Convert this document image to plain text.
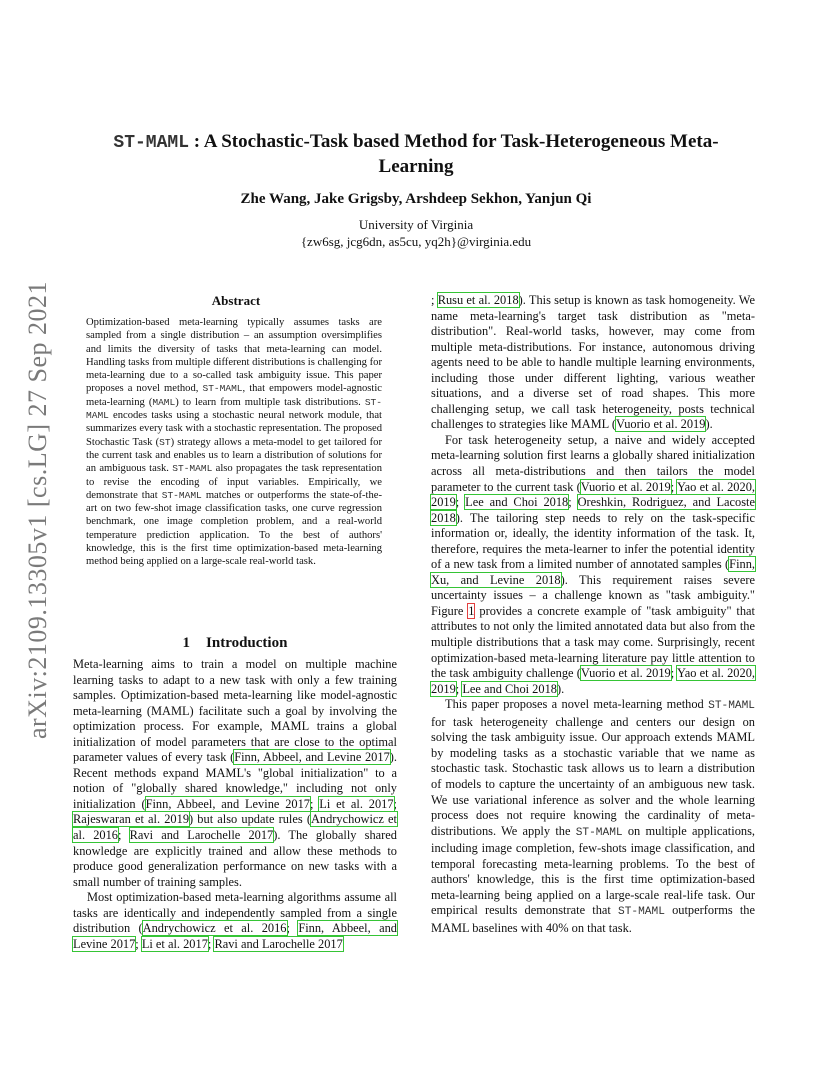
arXiv:2109.13305v1 [cs.LG] 27 Sep 2021
ST-MAML : A Stochastic-Task based Method for Task-Heterogeneous Meta-Learning
Zhe Wang, Jake Grigsby, Arshdeep Sekhon, Yanjun Qi
University of Virginia
{zw6sg, jcg6dn, as5cu, yq2h}@virginia.edu
Abstract
Optimization-based meta-learning typically assumes tasks are sampled from a single distribution – an assumption oversimplifies and limits the diversity of tasks that meta-learning can model. Handling tasks from multiple different distributions is challenging for meta-learning due to a so-called task ambiguity issue. This paper proposes a novel method, ST-MAML, that empowers model-agnostic meta-learning (MAML) to learn from multiple task distributions. ST-MAML encodes tasks using a stochastic neural network module, that summarizes every task with a stochastic representation. The proposed Stochastic Task (ST) strategy allows a meta-model to get tailored for the current task and enables us to learn a distribution of solutions for an ambiguous task. ST-MAML also propagates the task representation to revise the encoding of input variables. Empirically, we demonstrate that ST-MAML matches or outperforms the state-of-the-art on two few-shot image classification tasks, one curve regression benchmark, one image completion problem, and a real-world temperature prediction application. To the best of authors' knowledge, this is the first time optimization-based meta-learning method being applied on a large-scale real-world task.
1 Introduction

Meta-learning aims to train a model on multiple machine learning tasks to adapt to a new task with only a few training samples. Optimization-based meta-learning like model-agnostic meta-learning (MAML) facilitate such a goal by involving the optimization process. For example, MAML trains a global initialization of model parameters that are close to the optimal parameter values of every task (Finn, Abbeel, and Levine 2017). Recent methods expand MAML's "global initialization" to a notion of "globally shared knowledge," including not only initialization (Finn, Abbeel, and Levine 2017; Li et al. 2017; Rajeswaran et al. 2019) but also update rules (Andrychowicz et al. 2016; Ravi and Larochelle 2017). The globally shared knowledge are explicitly trained and allow these methods to produce good generalization performance on new tasks with a small number of training samples.

Most optimization-based meta-learning algorithms assume all tasks are identically and independently sampled from a single distribution (Andrychowicz et al. 2016; Finn, Abbeel, and Levine 2017; Li et al. 2017; Ravi and Larochelle 2017

; Rusu et al. 2018). This setup is known as task homogeneity. We name meta-learning's target task distribution as "meta-distribution". Real-world tasks, however, may come from multiple meta-distributions. For instance, autonomous driving agents need to be able to handle multiple learning environments, including those under different lighting, various weather situations, and a diverse set of road shapes. This more challenging setup, we call task heterogeneity, posts technical challenges to strategies like MAML (Vuorio et al. 2019).

For task heterogeneity setup, a naive and widely accepted meta-learning solution first learns a globally shared initialization across all meta-distributions and then tailors the model parameter to the current task (Vuorio et al. 2019; Yao et al. 2020, 2019; Lee and Choi 2018; Oreshkin, Rodriguez, and Lacoste 2018). The tailoring step needs to rely on the task-specific information or, ideally, the identity information of the task. It, therefore, requires the meta-learner to infer the potential identity of a new task from a limited number of annotated samples (Finn, Xu, and Levine 2018). This requirement raises severe uncertainty issues – a challenge known as "task ambiguity." Figure 1 provides a concrete example of "task ambiguity" that attributes to not only the limited annotated data but also from the multiple distributions that a task may come. Surprisingly, recent optimization-based meta-learning literature pay little attention to the task ambiguity challenge (Vuorio et al. 2019; Yao et al. 2020, 2019; Lee and Choi 2018).

This paper proposes a novel meta-learning method ST-MAML for task heterogeneity challenge and centers our design on solving the task ambiguity issue. Our approach extends MAML by modeling tasks as a stochastic variable that we name as stochastic task. Stochastic task allows us to learn a distribution of models to capture the uncertainty of an ambiguous new task. We use variational inference as solver and the whole learning process does not require knowing the cardinality of meta-distributions. We apply the ST-MAML on multiple applications, including image completion, few-shots image classification, and temporal forecasting meta-learning problems. To the best of authors' knowledge, this is the first time optimization-based meta-learning being applied on a large-scale real-life task. Our empirical results demonstrate that ST-MAML outperforms the MAML baselines with 40% on that task.
